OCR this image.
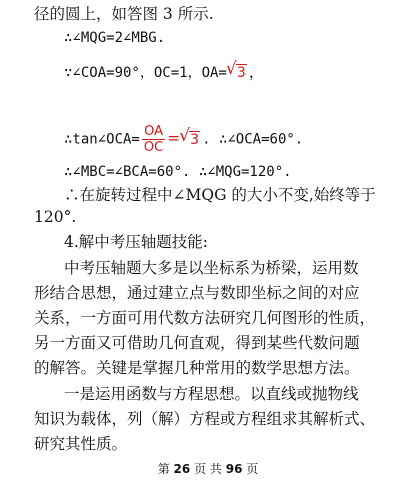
径的圆上，如答图 3 所示.
∴∠MQG=2∠MBG.
∵∠COA=90°，OC=1，OA= √ 3 ，
∴tan∠OCA= $\frac{OA}{OC}$ = √ 3 . ∴∠OCA=60°.
∴∠MBC=∠BCA=60°. ∴∠MQG=120°.
∴在旋转过程中∠MQG 的大小不变,始终等于
120°.
4.解中考压轴题技能:
中考压轴题大多是以坐标系为桥梁，运用数
形结合思想，通过建立点与数即坐标之间的对应
关系，一方面可用代数方法研究几何图形的性质，
另一方面又可借助几何直观，得到某些代数问题
的解答。关键是掌握几种常用的数学思想方法。
一是运用函数与方程思想。以直线或抛物线
知识为载体，列（解）方程或方程组求其解析式、
研究其性质。
第 26 页 共 96 页
